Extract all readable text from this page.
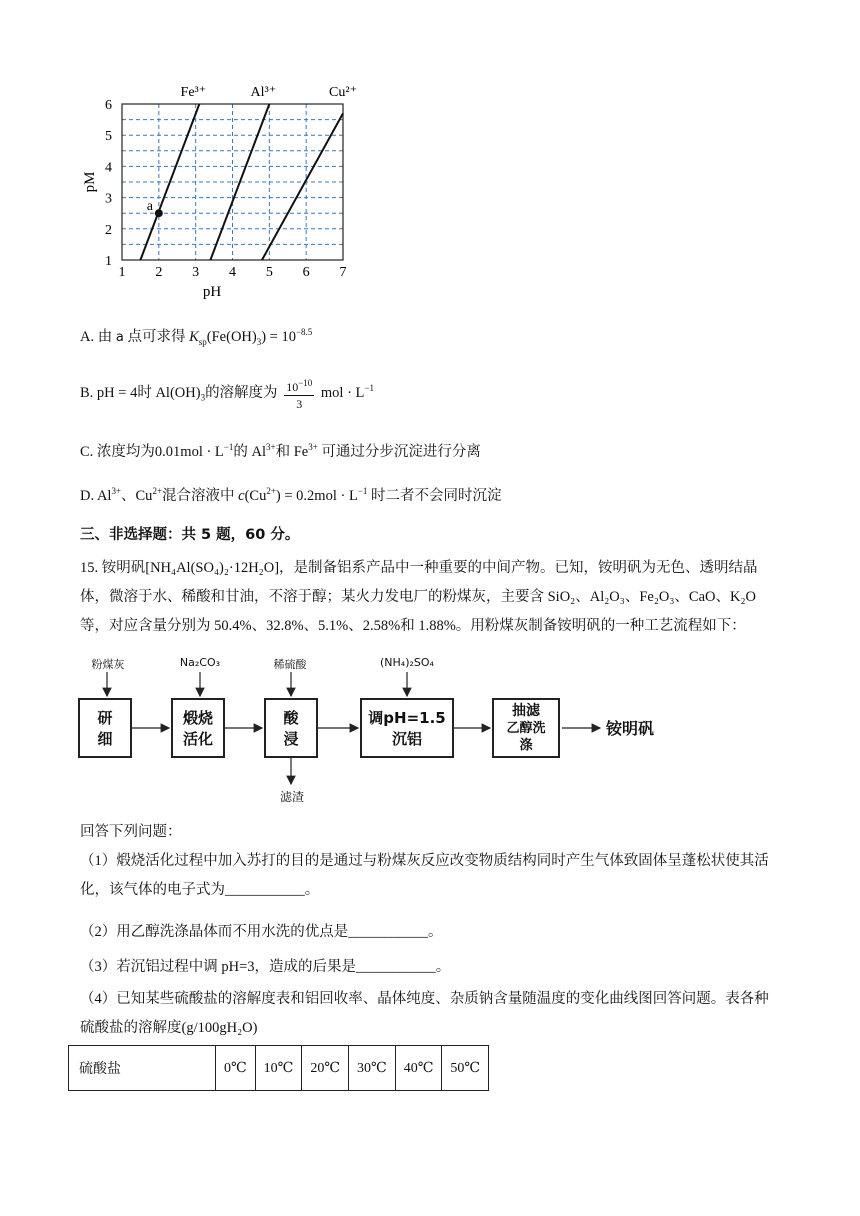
1 2 3 4 5 6 7
1
2
3
4
5
6
pH
pM
Fe³⁺	Al³⁺	Cu²⁺
a
A. 由 a 点可求得 $K_{sp}(Fe(OH)_3) = 10^{-8.5}$
B. pH = 4时 $Al(OH)_3$的溶解度为 $\frac{10^{-10}}{3}$ mol · $L^{-1}$
C. 浓度均为$0.01mol \cdot L^{-1}$的 $Al^{3+}$和 $Fe^{3+}$ 可通过分步沉淀进行分离
D. $Al^{3+}$、$Cu^{2+}$混合溶液中 $c(Cu^{2+}) = 0.2mol \cdot L^{-1}$ 时二者不会同时沉淀
三、非选择题：共 5 题，60 分。
15. 铵明矾[NH₄Al(SO₄)₂·12H₂O]，是制备铝系产品中一种重要的中间产物。已知，铵明矾为无色、透明结晶体，微溶于水、稀酸和甘油，不溶于醇；某火力发电厂的粉煤灰，主要含 SiO₂、Al₂O₃、Fe₂O₃、CaO、K₂O 等，对应含量分别为 50.4%、32.8%、5.1%、2.58%和 1.88%。用粉煤灰制备铵明矾的一种工艺流程如下：
粉煤灰	Na₂CO₃	稀硫酸	(NH₄)₂SO₄
研
细
煅烧
活化
酸
浸
调pH=1.5
沉铝
抽滤
乙醇洗
涤
铵明矾
滤渣
回答下列问题：
（1）煅烧活化过程中加入苏打的目的是通过与粉煤灰反应改变物质结构同时产生气体致固体呈蓬松状使其活化，该气体的电子式为___________。
（2）用乙醇洗涤晶体而不用水洗的优点是___________。
（3）若沉铝过程中调 pH=3，造成的后果是___________。
（4）已知某些硫酸盐的溶解度表和铝回收率、晶体纯度、杂质钠含量随温度的变化曲线图回答问题。表各种硫酸盐的溶解度(g/100gH₂O)
硫酸盐	0℃	10℃	20℃	30℃	40℃	50℃
